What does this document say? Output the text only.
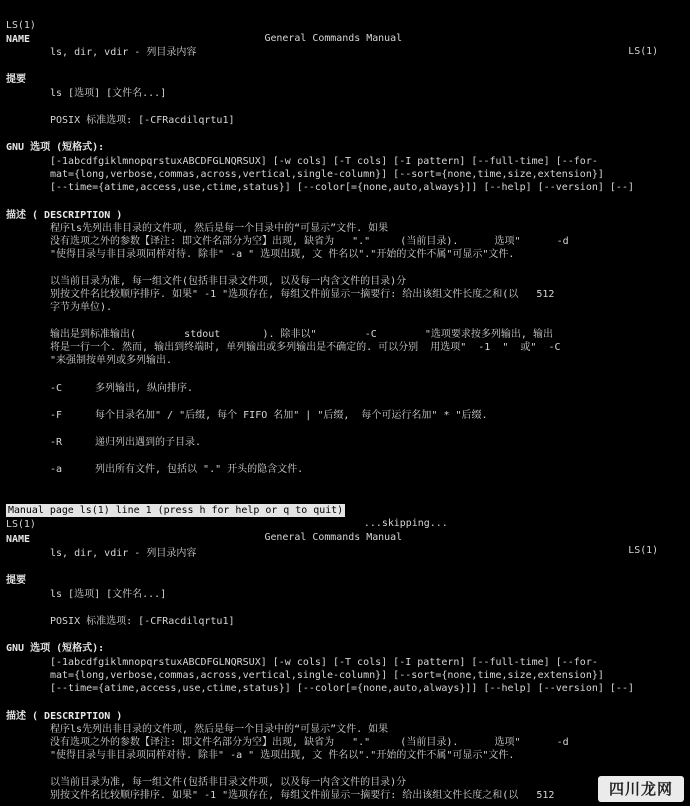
LS(1)

General Commands Manual

LS(1)

NAME
ls, dir, vdir - 列目录内容
提要
ls [选项] [文件名...]
POSIX 标准选项: [-CFRacdilqrtu1]
GNU 选项 (短格式):
[-1abcdfgiklmnopqrstuxABCDFGLNQRSUX] [-w cols] [-T cols] [-I pattern] [--full-time] [--for-
mat={long,verbose,commas,across,vertical,single-column}] [--sort={none,time,size,extension}]
[--time={atime,access,use,ctime,status}] [--color[={none,auto,always}]] [--help] [--version] [--]
描述 ( DESCRIPTION )
程序ls先列出非目录的文件项, 然后是每一个目录中的“可显示”文件. 如果
没有选项之外的参数【译注: 即文件名部分为空】出现, 缺省为   "."     (当前目录).      选项"      -d
"使得目录与非目录项同样对待. 除非" -a " 选项出现, 文 件名以"."开始的文件不属"可显示"文件.
以当前目录为准, 每一组文件(包括非目录文件项, 以及每一内含文件的目录)分
别按文件名比较顺序排序. 如果" -1 "选项存在, 每组文件前显示一摘要行: 给出该组文件长度之和(以   512
字节为单位).
输出是到标准输出(        stdout       ). 除非以"        -C        "选项要求按多列输出, 输出
将是一行一个. 然而, 输出到终端时, 单列输出或多列输出是不确定的. 可以分别  用选项"  -1  "  或"  -C
"来强制按单列或多列输出.
-C	多列输出, 纵向排序.
-F	每个目录名加" / "后缀, 每个 FIFO 名加" | "后缀,  每个可运行名加" * "后缀.
-R	递归列出遇到的子目录.
-a	列出所有文件, 包括以 "." 开头的隐含文件.

Manual page ls(1) line 1 (press h for help or q to quit)

...skipping...

LS(1)

General Commands Manual

LS(1)

NAME
ls, dir, vdir - 列目录内容
提要
ls [选项] [文件名...]
POSIX 标准选项: [-CFRacdilqrtu1]
GNU 选项 (短格式):
[-1abcdfgiklmnopqrstuxABCDFGLNQRSUX] [-w cols] [-T cols] [-I pattern] [--full-time] [--for-
mat={long,verbose,commas,across,vertical,single-column}] [--sort={none,time,size,extension}]
[--time={atime,access,use,ctime,status}] [--color[={none,auto,always}]] [--help] [--version] [--]
描述 ( DESCRIPTION )
程序ls先列出非目录的文件项, 然后是每一个目录中的“可显示”文件. 如果
没有选项之外的参数【译注: 即文件名部分为空】出现, 缺省为   "."     (当前目录).      选项"      -d
"使得目录与非目录项同样对待. 除非" -a " 选项出现, 文 件名以"."开始的文件不属"可显示"文件.
以当前目录为准, 每一组文件(包括非目录文件项, 以及每一内含文件的目录)分
别按文件名比较顺序排序. 如果" -1 "选项存在, 每组文件前显示一摘要行: 给出该组文件长度之和(以   512	四川龙网
